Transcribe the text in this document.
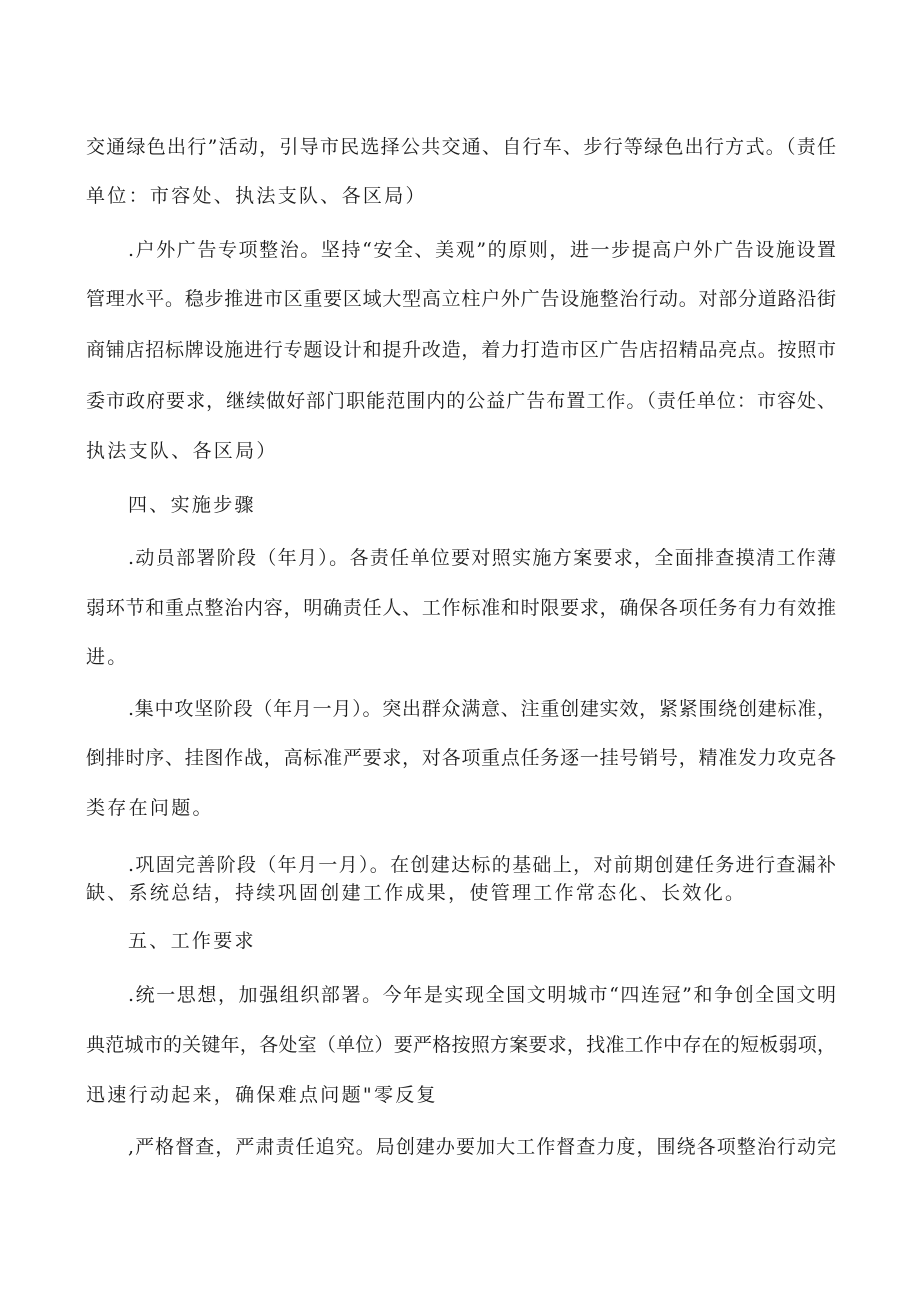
交通绿色出行”活动，引导市民选择公共交通、自行车、步行等绿色出行方式。（责任
单位：市容处、执法支队、各区局）
.户外广告专项整治。坚持“安全、美观”的原则，进一步提高户外广告设施设置
管理水平。稳步推进市区重要区域大型高立柱户外广告设施整治行动。对部分道路沿街
商铺店招标牌设施进行专题设计和提升改造，着力打造市区广告店招精品亮点。按照市
委市政府要求，继续做好部门职能范围内的公益广告布置工作。（责任单位：市容处、
执法支队、各区局）
四、实施步骤
.动员部署阶段（年月）。各责任单位要对照实施方案要求，全面排查摸清工作薄
弱环节和重点整治内容，明确责任人、工作标准和时限要求，确保各项任务有力有效推
进。
.集中攻坚阶段（年月一月）。突出群众满意、注重创建实效，紧紧围绕创建标准，
倒排时序、挂图作战，高标准严要求，对各项重点任务逐一挂号销号，精准发力攻克各
类存在问题。
.巩固完善阶段（年月一月）。在创建达标的基础上，对前期创建任务进行查漏补
缺、系统总结，持续巩固创建工作成果，使管理工作常态化、长效化。
五、工作要求
.统一思想，加强组织部署。今年是实现全国文明城市“四连冠”和争创全国文明
典范城市的关键年，各处室（单位）要严格按照方案要求，找准工作中存在的短板弱项，
迅速行动起来，确保难点问题"零反复
,严格督查，严肃责任追究。局创建办要加大工作督查力度，围绕各项整治行动完
